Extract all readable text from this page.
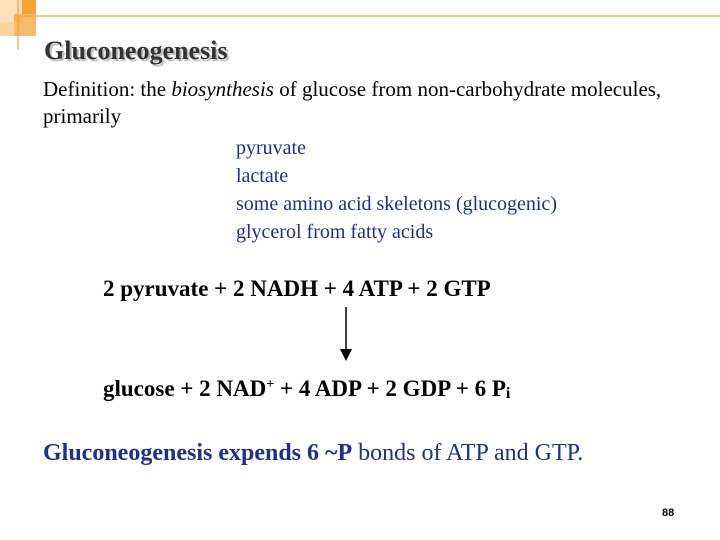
Gluconeogenesis
Definition: the biosynthesis of glucose from non-carbohydrate molecules, primarily
pyruvate
lactate
some amino acid skeletons (glucogenic)
glycerol from fatty acids
2 pyruvate + 2 NADH + 4 ATP + 2 GTP
glucose + 2 NAD+ + 4 ADP + 2 GDP + 6 $P_i$
Gluconeogenesis expends 6 ~P bonds of ATP and GTP.
88
